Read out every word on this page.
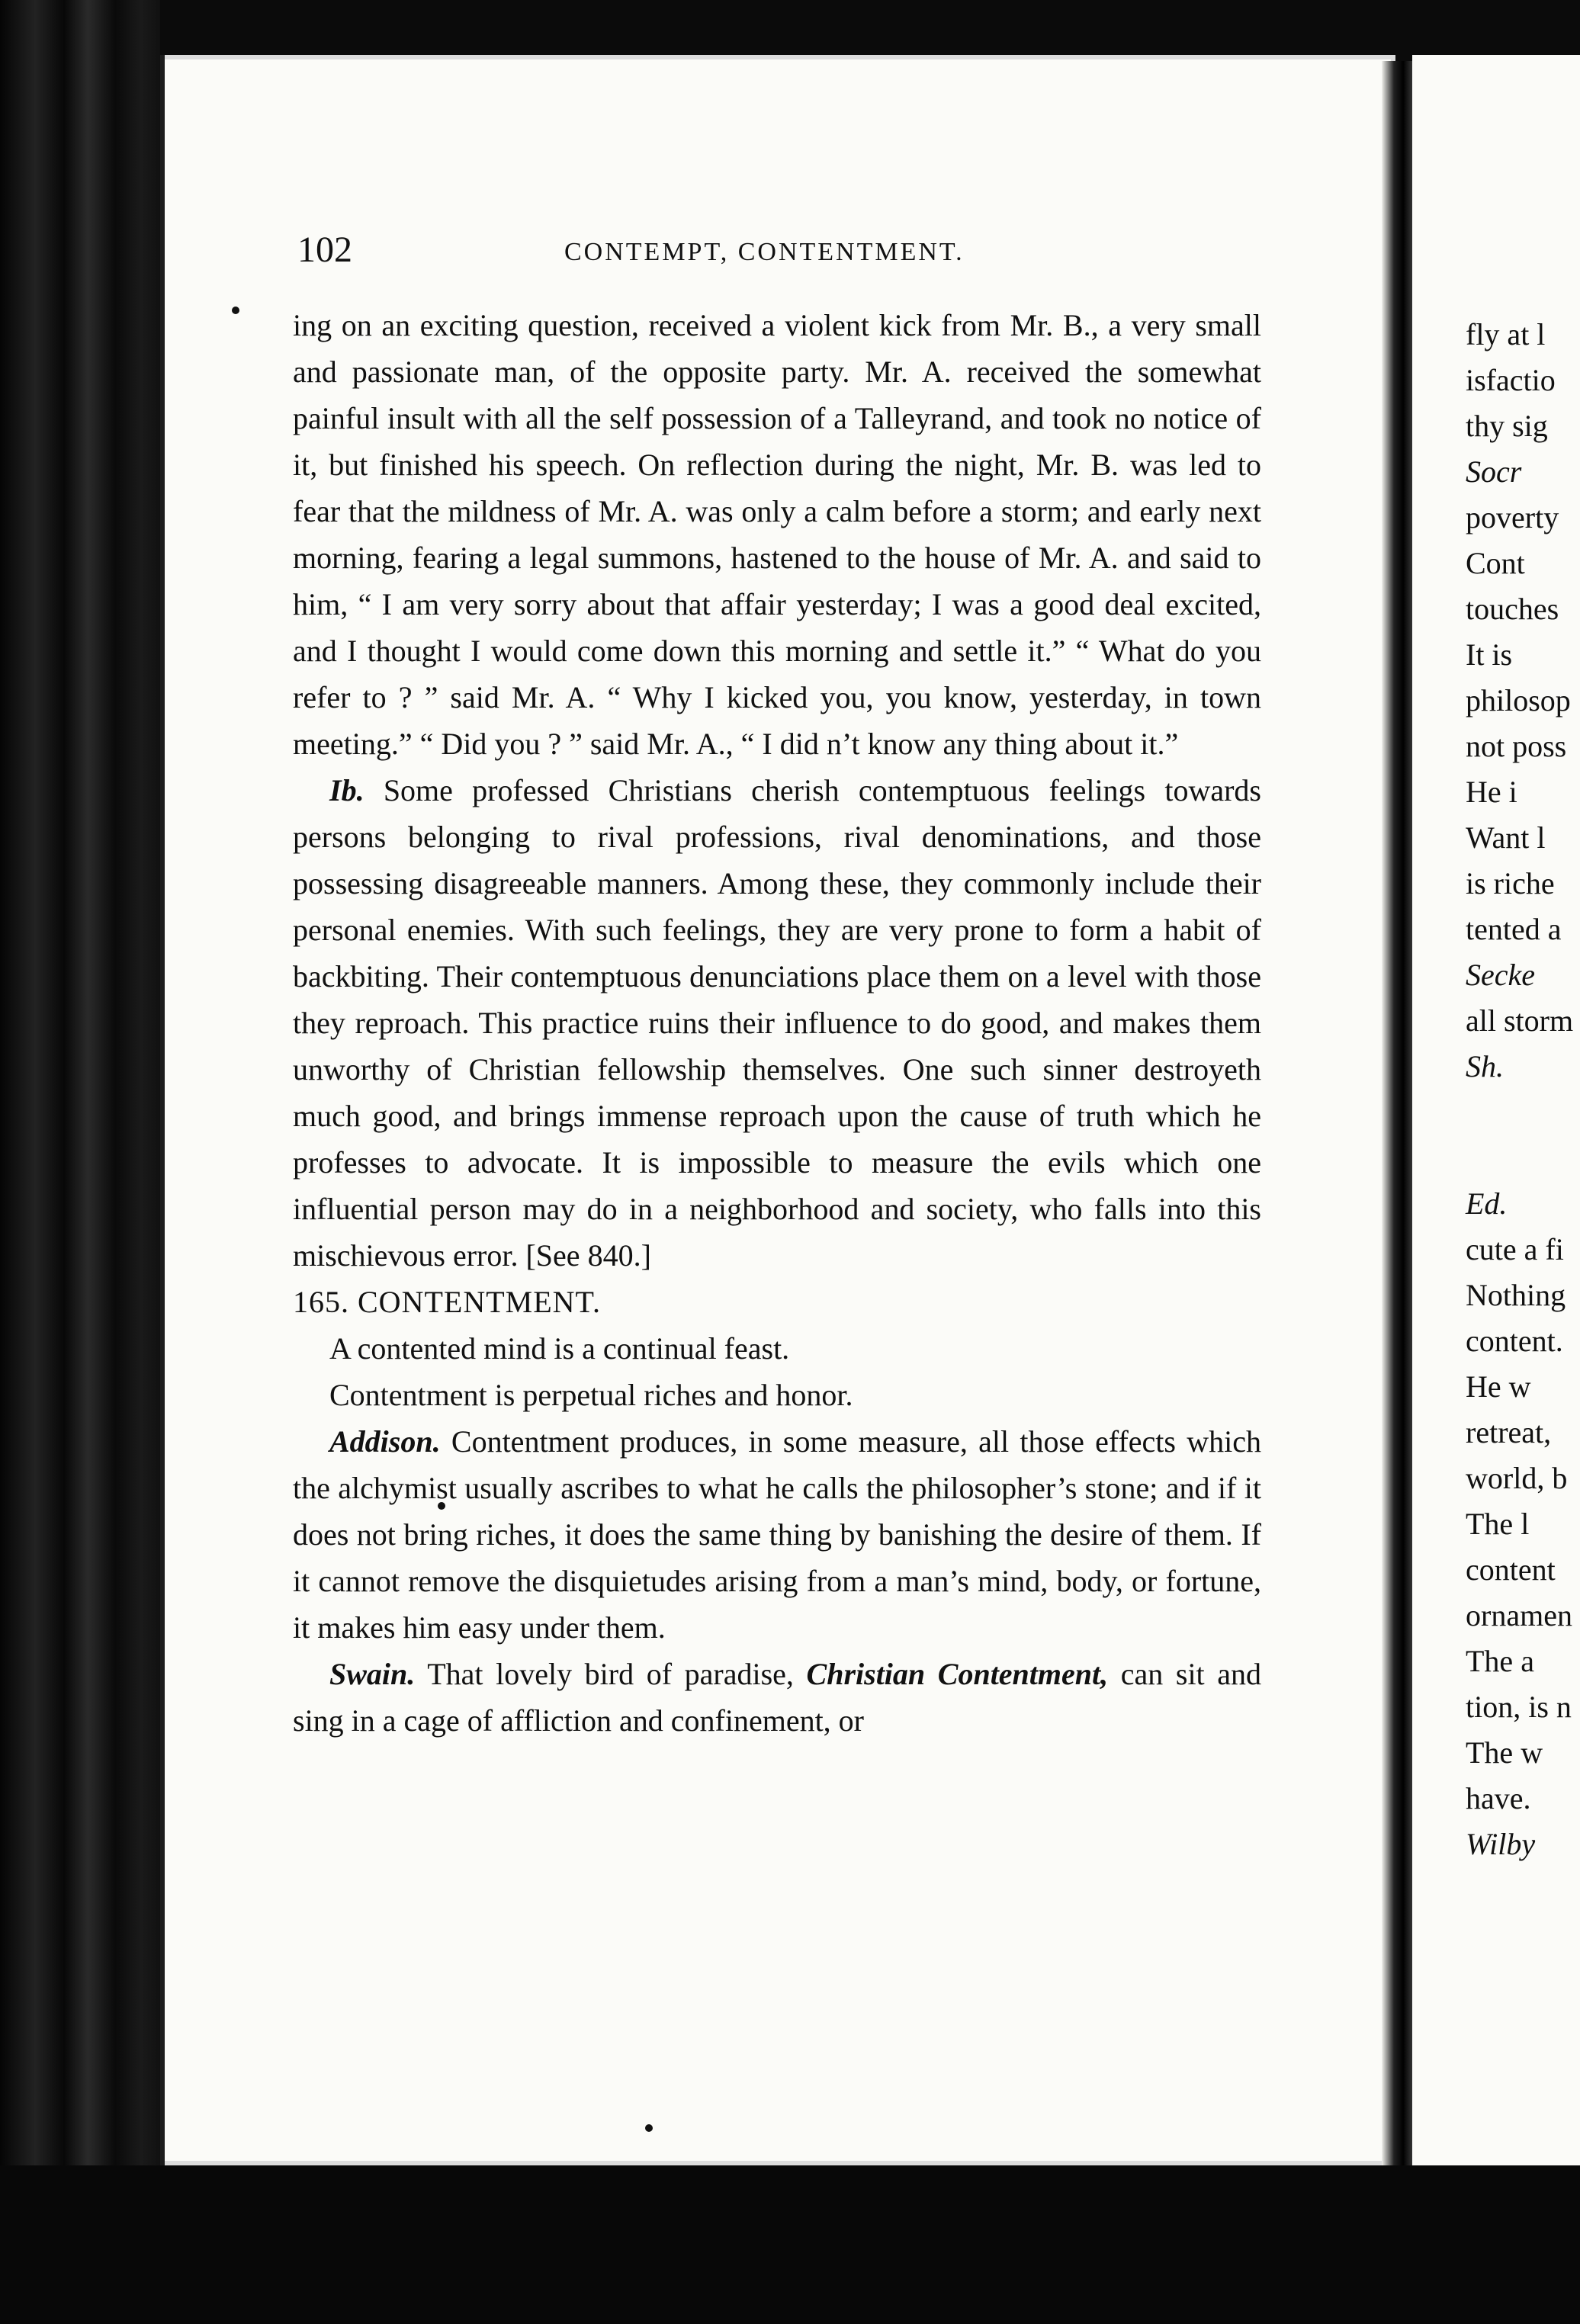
102	CONTEMPT, CONTENTMENT.

ing on an exciting question, received a violent kick from Mr. B., a very small and passionate man, of the opposite party. Mr. A. received the somewhat painful insult with all the self possession of a Talleyrand, and took no notice of it, but finished his speech. On reflection during the night, Mr. B. was led to fear that the mildness of Mr. A. was only a calm before a storm; and early next morning, fearing a legal summons, hastened to the house of Mr. A. and said to him, “ I am very sorry about that affair yesterday; I was a good deal excited, and I thought I would come down this morning and settle it.” “ What do you refer to ? ” said Mr. A. “ Why I kicked you, you know, yesterday, in town meeting.” “ Did you ? ” said Mr. A., “ I did n’t know any thing about it.”

Ib. Some professed Christians cherish contemptuous feelings towards persons belonging to rival professions, rival denominations, and those possessing disagreeable manners. Among these, they commonly include their personal enemies. With such feelings, they are very prone to form a habit of backbiting. Their contemptuous denunciations place them on a level with those they reproach. This practice ruins their influence to do good, and makes them unworthy of Christian fellowship themselves. One such sinner destroyeth much good, and brings immense reproach upon the cause of truth which he professes to advocate. It is impossible to measure the evils which one influential person may do in a neighborhood and society, who falls into this mischievous error. [See 840.]

165. CONTENTMENT.

A contented mind is a continual feast.

Contentment is perpetual riches and honor.

Addison. Contentment produces, in some measure, all those effects which the alchymist usually ascribes to what he calls the philosopher’s stone; and if it does not bring riches, it does the same thing by banishing the desire of them. If it cannot remove the disquietudes arising from a man’s mind, body, or fortune, it makes him easy under them.

Swain. That lovely bird of paradise, Christian Contentment, can sit and sing in a cage of affliction and confinement, or

fly at l
isfactio
thy sig
Socr
poverty
Cont
touches
It is
philosop
not poss
He i
Want l
is riche
tented a
Secke
all storm
Sh.
Ed.
cute a fi
Nothing
content.
He w
retreat,
world, b
The l
content
ornamen
The a
tion, is n
The w
have.
Wilby
